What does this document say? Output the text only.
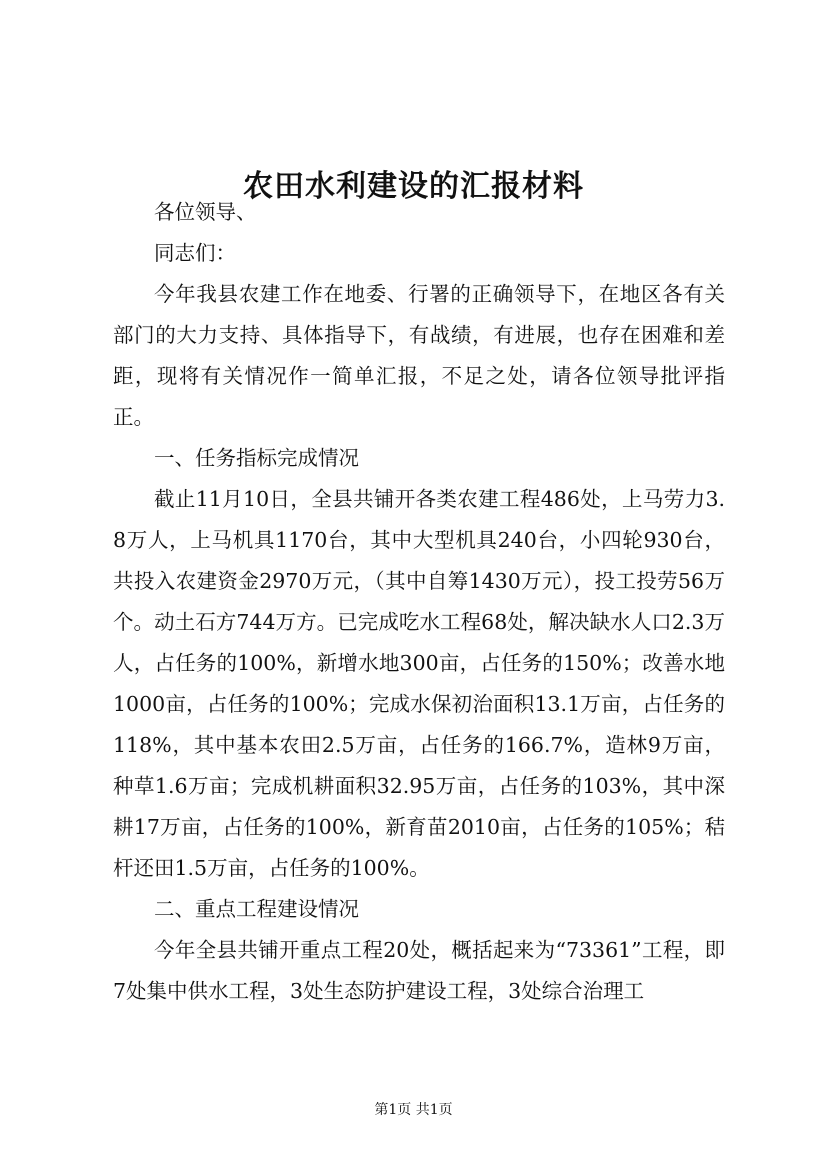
农田水利建设的汇报材料

各位领导、

同志们：

今年我县农建工作在地委、行署的正确领导下，在地区各有关部门的大力支持、具体指导下，有战绩，有进展，也存在困难和差距，现将有关情况作一简单汇报，不足之处，请各位领导批评指正。

一、任务指标完成情况

截止11月10日，全县共铺开各类农建工程486处，上马劳力3.8万人，上马机具1170台，其中大型机具240台，小四轮930台，共投入农建资金2970万元，（其中自筹1430万元），投工投劳56万个。动土石方744万方。已完成吃水工程68处，解决缺水人口2.3万人，占任务的100%，新增水地300亩，占任务的150%；改善水地1000亩，占任务的100%；完成水保初治面积13.1万亩，占任务的118%，其中基本农田2.5万亩，占任务的166.7%，造林9万亩，种草1.6万亩；完成机耕面积32.95万亩，占任务的103%，其中深耕17万亩，占任务的100%，新育苗2010亩，占任务的105%；秸杆还田1.5万亩，占任务的100%。

二、重点工程建设情况

今年全县共铺开重点工程20处，概括起来为“73361”工程，即7处集中供水工程，3处生态防护建设工程，3处综合治理工

第1页 共1页
